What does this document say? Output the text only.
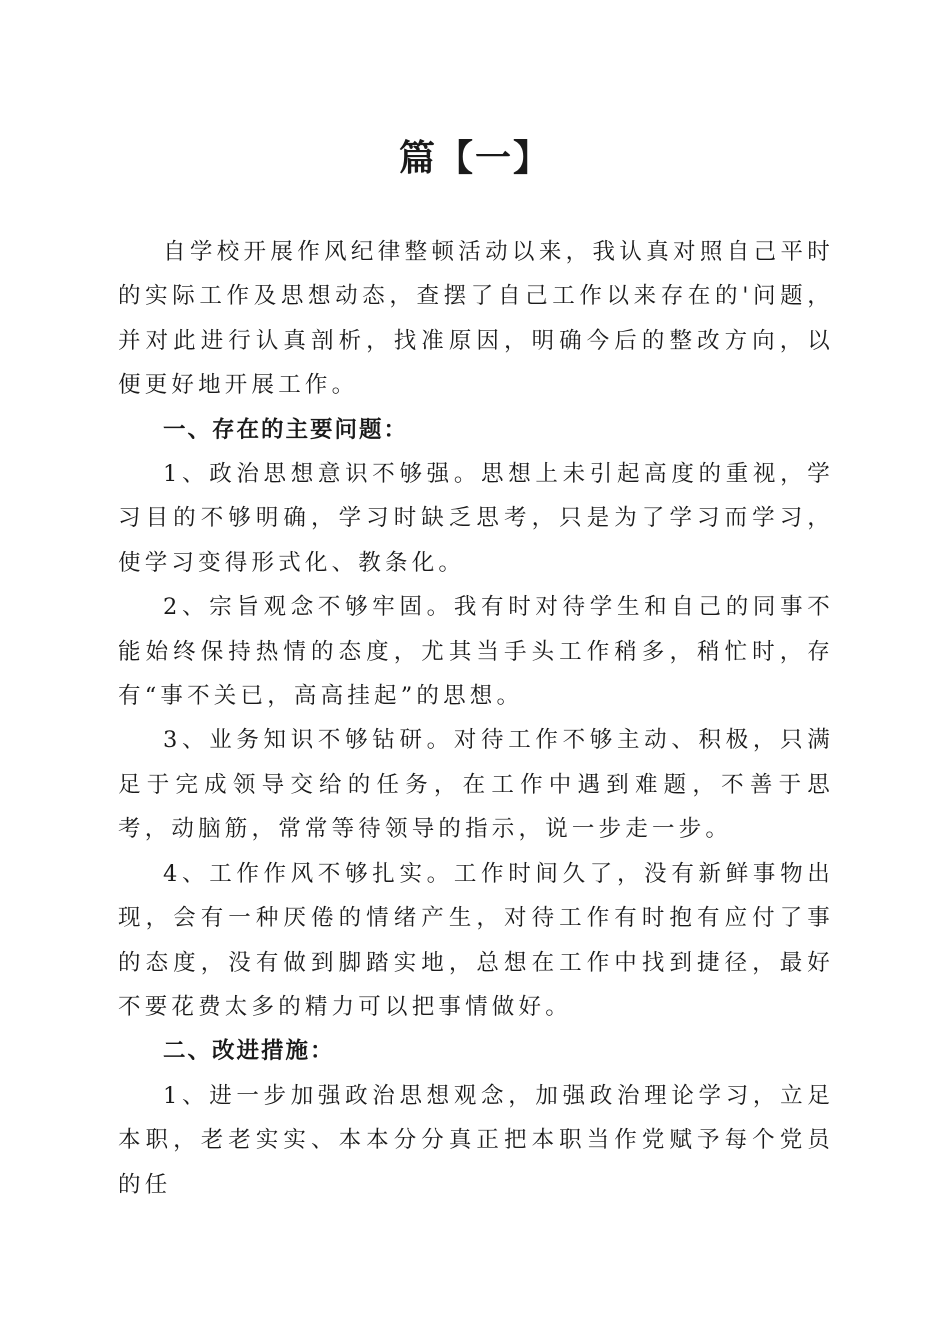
篇【一】

自学校开展作风纪律整顿活动以来，我认真对照自己平时的实际工作及思想动态，查摆了自己工作以来存在的'问题，并对此进行认真剖析，找准原因，明确今后的整改方向，以便更好地开展工作。

一、存在的主要问题：

1、政治思想意识不够强。思想上未引起高度的重视，学习目的不够明确，学习时缺乏思考，只是为了学习而学习，使学习变得形式化、教条化。

2、宗旨观念不够牢固。我有时对待学生和自己的同事不能始终保持热情的态度，尤其当手头工作稍多，稍忙时，存有“事不关已，高高挂起”的思想。

3、业务知识不够钻研。对待工作不够主动、积极，只满足于完成领导交给的任务，在工作中遇到难题，不善于思考，动脑筋，常常等待领导的指示，说一步走一步。

4、工作作风不够扎实。工作时间久了，没有新鲜事物出现，会有一种厌倦的情绪产生，对待工作有时抱有应付了事的态度，没有做到脚踏实地，总想在工作中找到捷径，最好不要花费太多的精力可以把事情做好。

二、改进措施：

1、进一步加强政治思想观念，加强政治理论学习，立足本职，老老实实、本本分分真正把本职当作党赋予每个党员的任
